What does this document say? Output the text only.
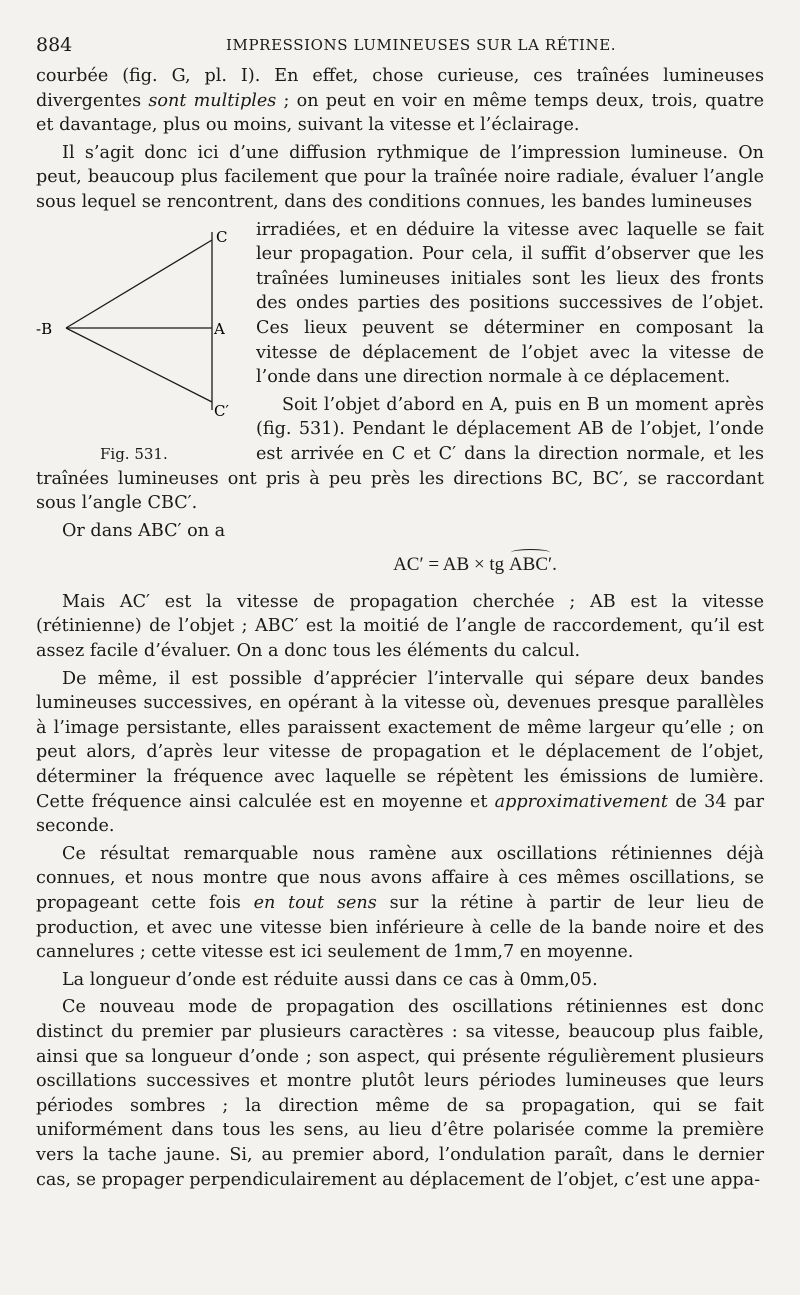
884	IMPRESSIONS LUMINEUSES SUR LA RÉTINE.

courbée (fig. G, pl. I). En effet, chose curieuse, ces traînées lumineuses divergentes sont multiples ; on peut en voir en même temps deux, trois, quatre et davantage, plus ou moins, suivant la vitesse et l’éclairage.

Il s’agit donc ici d’une diffusion rythmique de l’impression lumineuse. On peut, beaucoup plus facilement que pour la traînée noire radiale, évaluer l’angle sous lequel se rencontrent, dans des conditions connues, les bandes lumineuses

C
-B	A
C′
Fig. 531.

irradiées, et en déduire la vitesse avec laquelle se fait leur propagation. Pour cela, il suffit d’observer que les traînées lumineuses initiales sont les lieux des fronts des ondes parties des positions successives de l’objet. Ces lieux peuvent se déterminer en composant la vitesse de déplacement de l’objet avec la vitesse de l’onde dans une direction normale à ce déplacement.

Soit l’objet d’abord en A, puis en B un moment après (fig. 531). Pendant le déplacement AB de l’objet, l’onde est arrivée en C et C′ dans la direction normale, et les traînées lumineuses ont pris à peu près les directions BC, BC′, se raccordant sous l’angle CBC′.

Or dans ABC′ on a

AC′ = AB × tg ABC′.

Mais AC′ est la vitesse de propagation cherchée ; AB est la vitesse (rétinienne) de l’objet ; ABC′ est la moitié de l’angle de raccordement, qu’il est assez facile d’évaluer. On a donc tous les éléments du calcul.

De même, il est possible d’apprécier l’intervalle qui sépare deux bandes lumineuses successives, en opérant à la vitesse où, devenues presque parallèles à l’image persistante, elles paraissent exactement de même largeur qu’elle ; on peut alors, d’après leur vitesse de propagation et le déplacement de l’objet, déterminer la fréquence avec laquelle se répètent les émissions de lumière. Cette fréquence ainsi calculée est en moyenne et approximativement de 34 par seconde.

Ce résultat remarquable nous ramène aux oscillations rétiniennes déjà connues, et nous montre que nous avons affaire à ces mêmes oscillations, se propageant cette fois en tout sens sur la rétine à partir de leur lieu de production, et avec une vitesse bien inférieure à celle de la bande noire et des cannelures ; cette vitesse est ici seulement de 1mm,7 en moyenne.

La longueur d’onde est réduite aussi dans ce cas à 0mm,05.

Ce nouveau mode de propagation des oscillations rétiniennes est donc distinct du premier par plusieurs caractères : sa vitesse, beaucoup plus faible, ainsi que sa longueur d’onde ; son aspect, qui présente régulièrement plusieurs oscillations successives et montre plutôt leurs périodes lumineuses que leurs périodes sombres ; la direction même de sa propagation, qui se fait uniformément dans tous les sens, au lieu d’être polarisée comme la première vers la tache jaune. Si, au premier abord, l’ondulation paraît, dans le dernier cas, se propager perpendiculairement au déplacement de l’objet, c’est une appa-
